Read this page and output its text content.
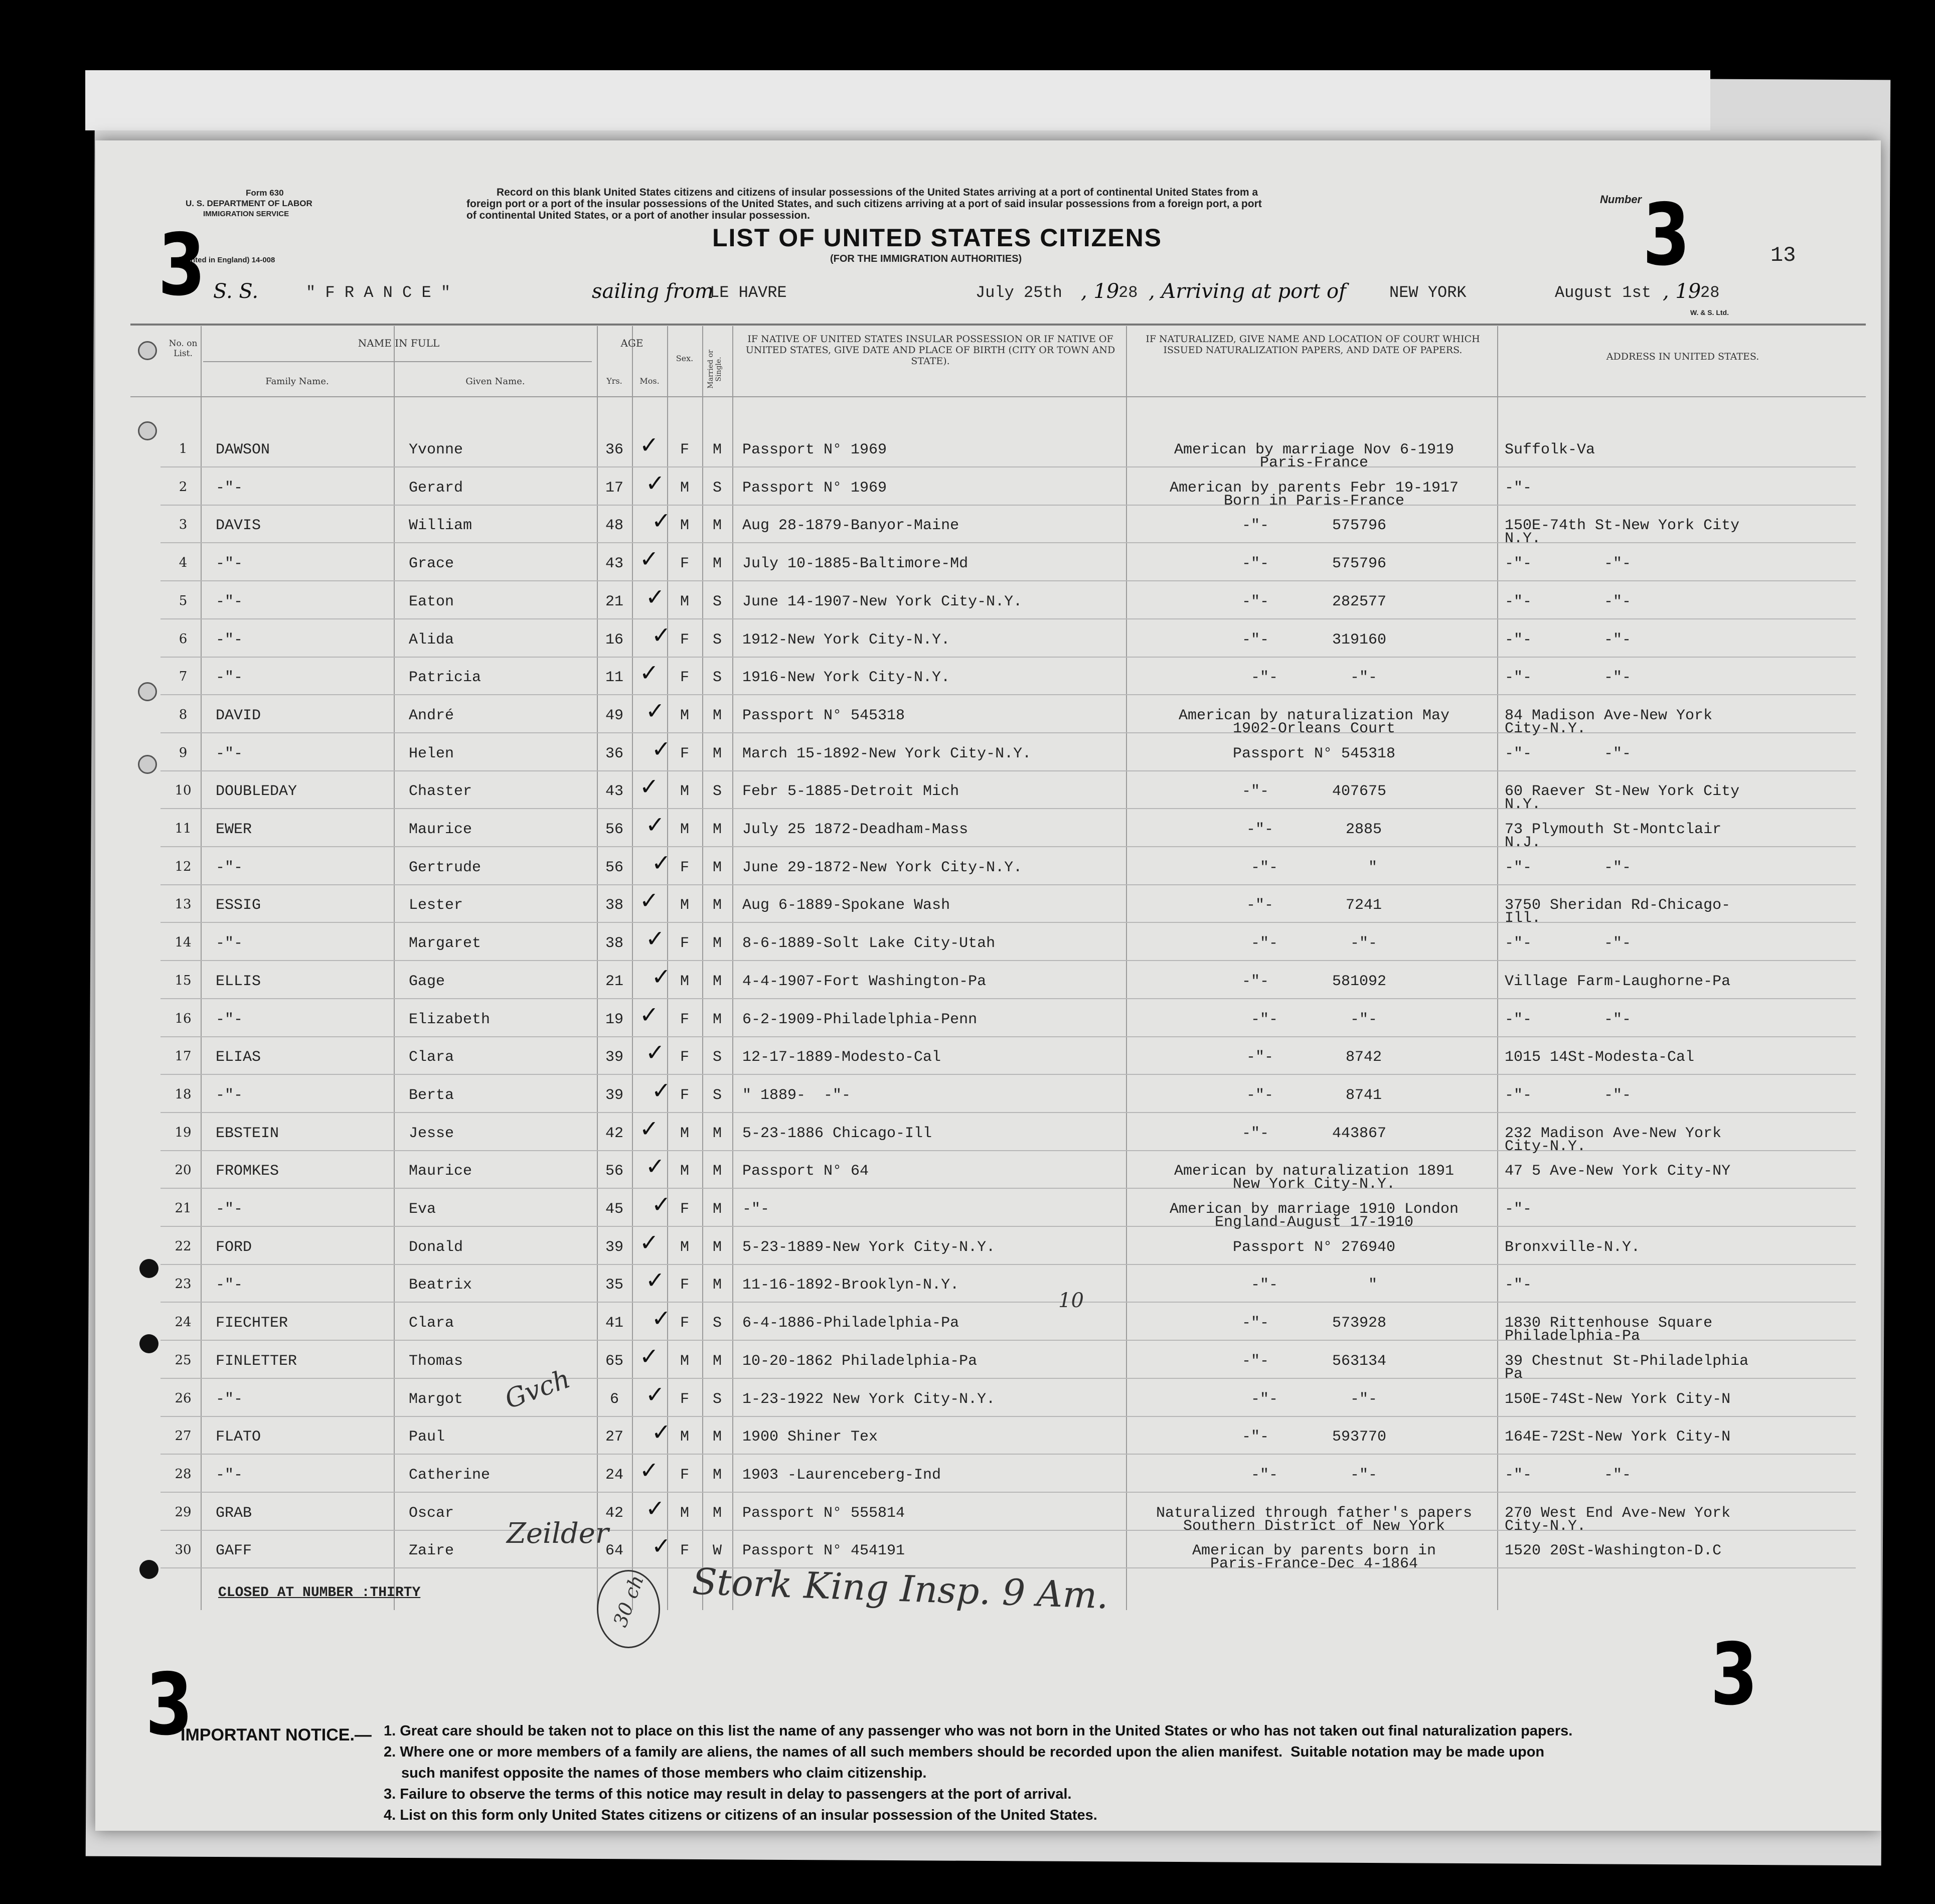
Form 630
U. S. DEPARTMENT OF LABOR
IMMIGRATION SERVICE
(Printed in England) 14-008
3	3
3	3
Number
13
W. & S. Ltd.
Record on this blank United States citizens and citizens of insular possessions of the United States arriving at a port of continental United States from a
foreign port or a port of the insular possessions of the United States, and such citizens arriving at a port of said insular possessions from a foreign port, a port
of continental United States, or a port of another insular possession.
LIST OF UNITED STATES CITIZENS
(FOR THE IMMIGRATION AUTHORITIES)
S. S.	" F R A N C E "	sailing from
LE HAVRE	July 25th , 19
28 , Arriving at port of	NEW YORK	August 1st , 19
28
No. on List.
NAME IN FULL
Family Name.	Given Name.
AGE
Yrs.	Mos.
Sex.	Married or Single.
IF NATIVE OF UNITED STATES INSULAR POSSESSION OR IF NATIVE OF UNITED STATES, GIVE DATE AND PLACE OF BIRTH (CITY OR TOWN AND STATE).
IF NATURALIZED, GIVE NAME AND LOCATION OF COURT WHICH ISSUED NATURALIZATION PAPERS, AND DATE OF PAPERS.
ADDRESS IN UNITED STATES.
1	DAWSON	Yvonne	36	F	M	Passport N° 1969	American by marriage Nov 6-1919	Suffolk-Va
Paris-France
✓
2	-"-	Gerard	17	M	S	Passport N° 1969	American by parents Febr 19-1917	-"-
Born in Paris-France
✓
3	DAVIS	William	48	M	M	Aug 28-1879-Banyor-Maine	-"-       575796	150E-74th St-New York City
N.Y.
✓
4	-"-	Grace	43	F	M	July 10-1885-Baltimore-Md	-"-       575796	-"-        -"-
✓
5	-"-	Eaton	21	M	S	June 14-1907-New York City-N.Y.	-"-       282577	-"-        -"-
✓
6	-"-	Alida	16	F	S	1912-New York City-N.Y.	-"-       319160	-"-        -"-
✓
7	-"-	Patricia	11	F	S	1916-New York City-N.Y.	-"-        -"-	-"-        -"-
✓
8	DAVID	André	49	M	M	Passport N° 545318	American by naturalization May	84 Madison Ave-New York
1902-Orleans Court	City-N.Y.
✓
9	-"-	Helen	36	F	M	March 15-1892-New York City-N.Y.	Passport N° 545318	-"-        -"-
✓
10	DOUBLEDAY	Chaster	43	M	S	Febr 5-1885-Detroit Mich	-"-       407675	60 Raever St-New York City
N.Y.
✓
11	EWER	Maurice	56	M	M	July 25 1872-Deadham-Mass	-"-        2885	73 Plymouth St-Montclair
N.J.
✓
12	-"-	Gertrude	56	F	M	June 29-1872-New York City-N.Y.	-"-          "	-"-        -"-
✓
13	ESSIG	Lester	38	M	M	Aug 6-1889-Spokane Wash	-"-        7241	3750 Sheridan Rd-Chicago-
Ill.
✓
14	-"-	Margaret	38	F	M	8-6-1889-Solt Lake City-Utah	-"-        -"-	-"-        -"-
✓
15	ELLIS	Gage	21	M	M	4-4-1907-Fort Washington-Pa	-"-       581092	Village Farm-Laughorne-Pa
✓
16	-"-	Elizabeth	19	F	M	6-2-1909-Philadelphia-Penn	-"-        -"-	-"-        -"-
✓
17	ELIAS	Clara	39	F	S	12-17-1889-Modesto-Cal	-"-        8742	1015 14St-Modesta-Cal
✓
18	-"-	Berta	39	F	S	" 1889-  -"-	-"-        8741	-"-        -"-
✓
19	EBSTEIN	Jesse	42	M	M	5-23-1886 Chicago-Ill	-"-       443867	232 Madison Ave-New York
City-N.Y.
✓
20	FROMKES	Maurice	56	M	M	Passport N° 64	American by naturalization 1891	47 5 Ave-New York City-NY
New York City-N.Y.
✓
21	-"-	Eva	45	F	M	-"-	American by marriage 1910 London	-"-
England-August 17-1910
✓
22	FORD	Donald	39	M	M	5-23-1889-New York City-N.Y.	Passport N° 276940	Bronxville-N.Y.
✓
23	-"-	Beatrix	35	F	M	11-16-1892-Brooklyn-N.Y.	-"-          "	-"-
✓
24	FIECHTER	Clara	41	F	S	6-4-1886-Philadelphia-Pa	-"-       573928	1830 Rittenhouse Square
Philadelphia-Pa
✓
25	FINLETTER	Thomas	65	M	M	10-20-1862 Philadelphia-Pa	-"-       563134	39 Chestnut St-Philadelphia
Pa
✓
26	-"-	Margot	6	F	S	1-23-1922 New York City-N.Y.	-"-        -"-	150E-74St-New York City-N
✓
27	FLATO	Paul	27	M	M	1900 Shiner Tex	-"-       593770	164E-72St-New York City-N
✓
28	-"-	Catherine	24	F	M	1903 -Laurenceberg-Ind	-"-        -"-	-"-        -"-
✓
29	GRAB	Oscar	42	M	M	Passport N° 555814	Naturalized through father's papers	270 West End Ave-New York
Southern District of New York	City-N.Y.
✓
30	GAFF	Zaire	64	F	W	Passport N° 454191	American by parents born in	1520 20St-Washington-D.C
Paris-France-Dec 4-1864
✓
CLOSED AT NUMBER :THIRTY	Stork King Insp. 9 Am.
30 ch
Zeilder
Gvch
10
IMPORTANT NOTICE.— 1. Great care should be taken not to place on this list the name of any passenger who was not born in the United States or who has not taken out final naturalization papers.
2. Where one or more members of a family are aliens, the names of all such members should be recorded upon the alien manifest.  Suitable notation may be made upon
such manifest opposite the names of those members who claim citizenship.
3. Failure to observe the terms of this notice may result in delay to passengers at the port of arrival.
4. List on this form only United States citizens or citizens of an insular possession of the United States.
